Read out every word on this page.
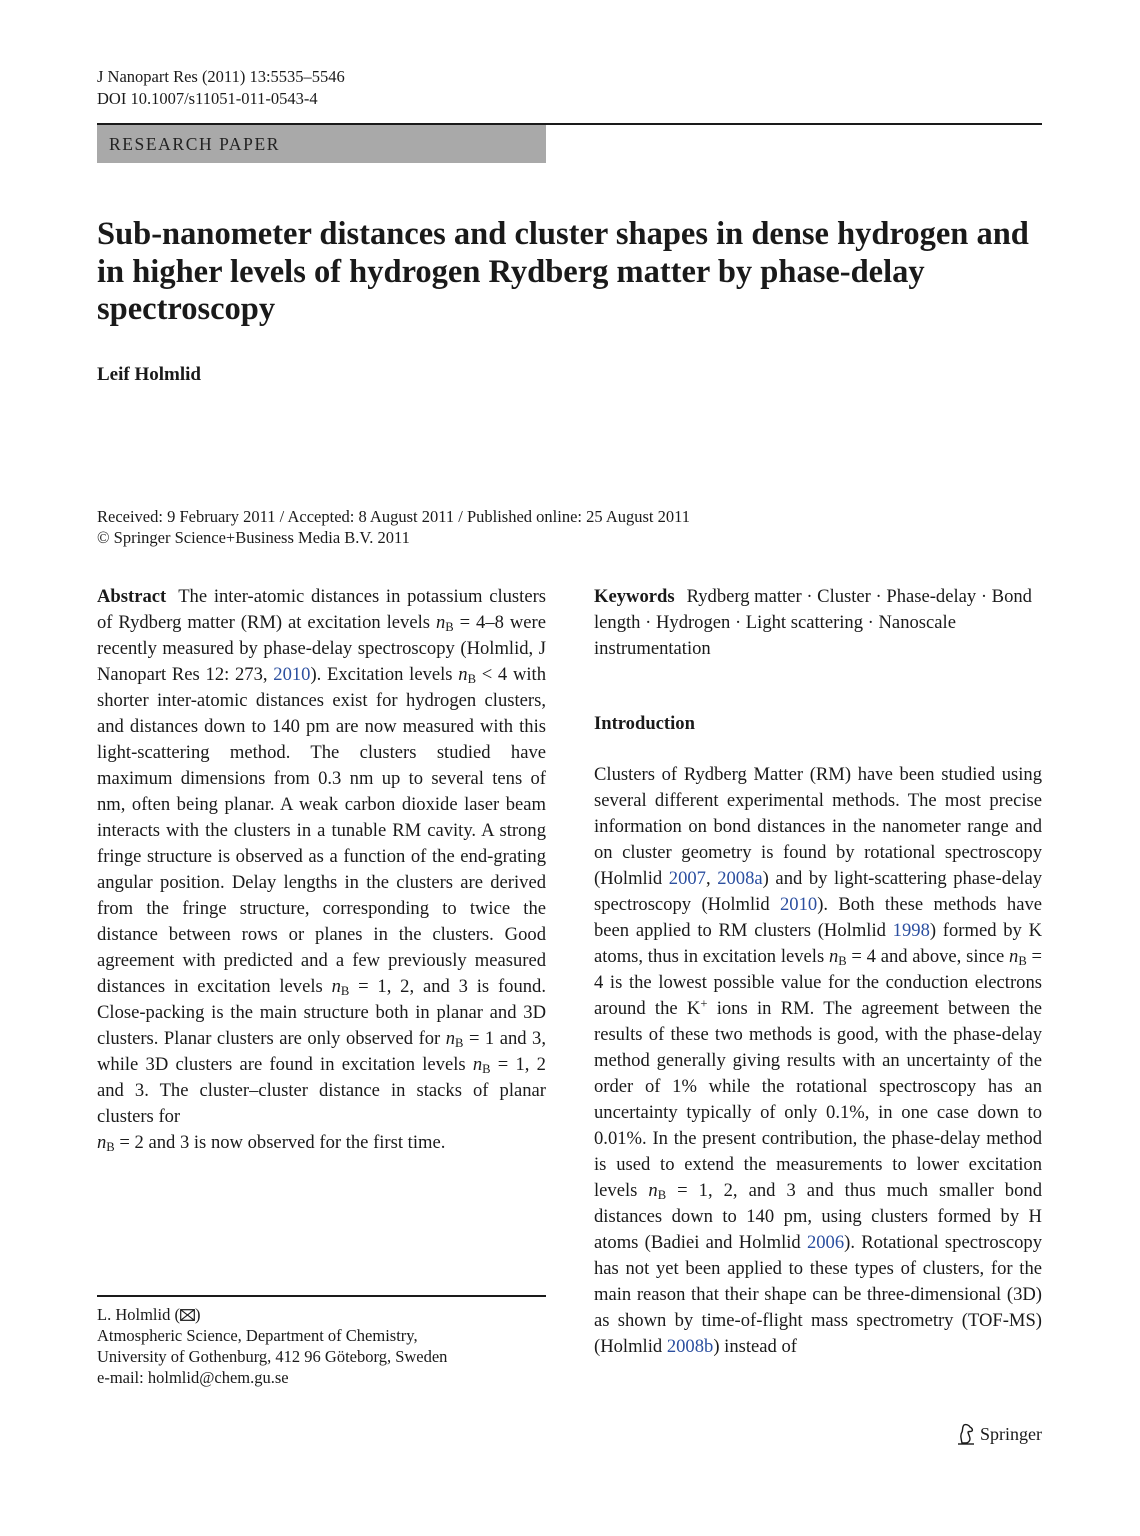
J Nanopart Res (2011) 13:5535–5546
DOI 10.1007/s11051-011-0543-4
RESEARCH PAPER
Sub-nanometer distances and cluster shapes in dense hydrogen and in higher levels of hydrogen Rydberg matter by phase-delay spectroscopy
Leif Holmlid
Received: 9 February 2011 / Accepted: 8 August 2011 / Published online: 25 August 2011
© Springer Science+Business Media B.V. 2011
Abstract The inter-atomic distances in potassium clusters of Rydberg matter (RM) at excitation levels $n_B = 4-8$ were recently measured by phase-delay spectroscopy (Holmlid, J Nanopart Res 12: 273, 2010). Excitation levels $n_B < 4$ with shorter inter-atomic distances exist for hydrogen clusters, and distances down to 140 pm are now measured with this light-scattering method. The clusters studied have maximum dimensions from 0.3 nm up to several tens of nm, often being planar. A weak carbon dioxide laser beam interacts with the clusters in a tunable RM cavity. A strong fringe structure is observed as a function of the end-grating angular position. Delay lengths in the clusters are derived from the fringe structure, corresponding to twice the distance between rows or planes in the clusters. Good agreement with predicted and a few previously measured distances in excitation levels $n_B = 1$, 2, and 3 is found. Close-packing is the main structure both in planar and 3D clusters. Planar clusters are only observed for $n_B = 1$ and 3, while 3D clusters are found in excitation levels $n_B = 1$, 2 and 3. The cluster–cluster distance in stacks of planar clusters for
$n_B = 2$ and 3 is now observed for the first time.
Keywords Rydberg matter · Cluster · Phase-delay · Bond length · Hydrogen · Light scattering · Nanoscale instrumentation
Introduction
Clusters of Rydberg Matter (RM) have been studied using several different experimental methods. The most precise information on bond distances in the nanometer range and on cluster geometry is found by rotational spectroscopy (Holmlid 2007, 2008a) and by light-scattering phase-delay spectroscopy (Holmlid 2010). Both these methods have been applied to RM clusters (Holmlid 1998) formed by K atoms, thus in excitation levels $n_B = 4$ and above, since $n_B = 4$ is the lowest possible value for the conduction electrons around the K+ ions in RM. The agreement between the results of these two methods is good, with the phase-delay method generally giving results with an uncertainty of the order of 1% while the rotational spectroscopy has an uncertainty typically of only 0.1%, in one case down to 0.01%. In the present contribution, the phase-delay method is used to extend the measurements to lower excitation levels $n_B = 1$, 2, and 3 and thus much smaller bond distances down to 140 pm, using clusters formed by H atoms (Badiei and Holmlid 2006). Rotational spectroscopy has not yet been applied to these types of clusters, for the main reason that their shape can be three-dimensional (3D) as shown by time-of-flight mass spectrometry (TOF-MS) (Holmlid 2008b) instead of
L. Holmlid ( )
Atmospheric Science, Department of Chemistry,
University of Gothenburg, 412 96 Göteborg, Sweden
e-mail: holmlid@chem.gu.se
Springer
